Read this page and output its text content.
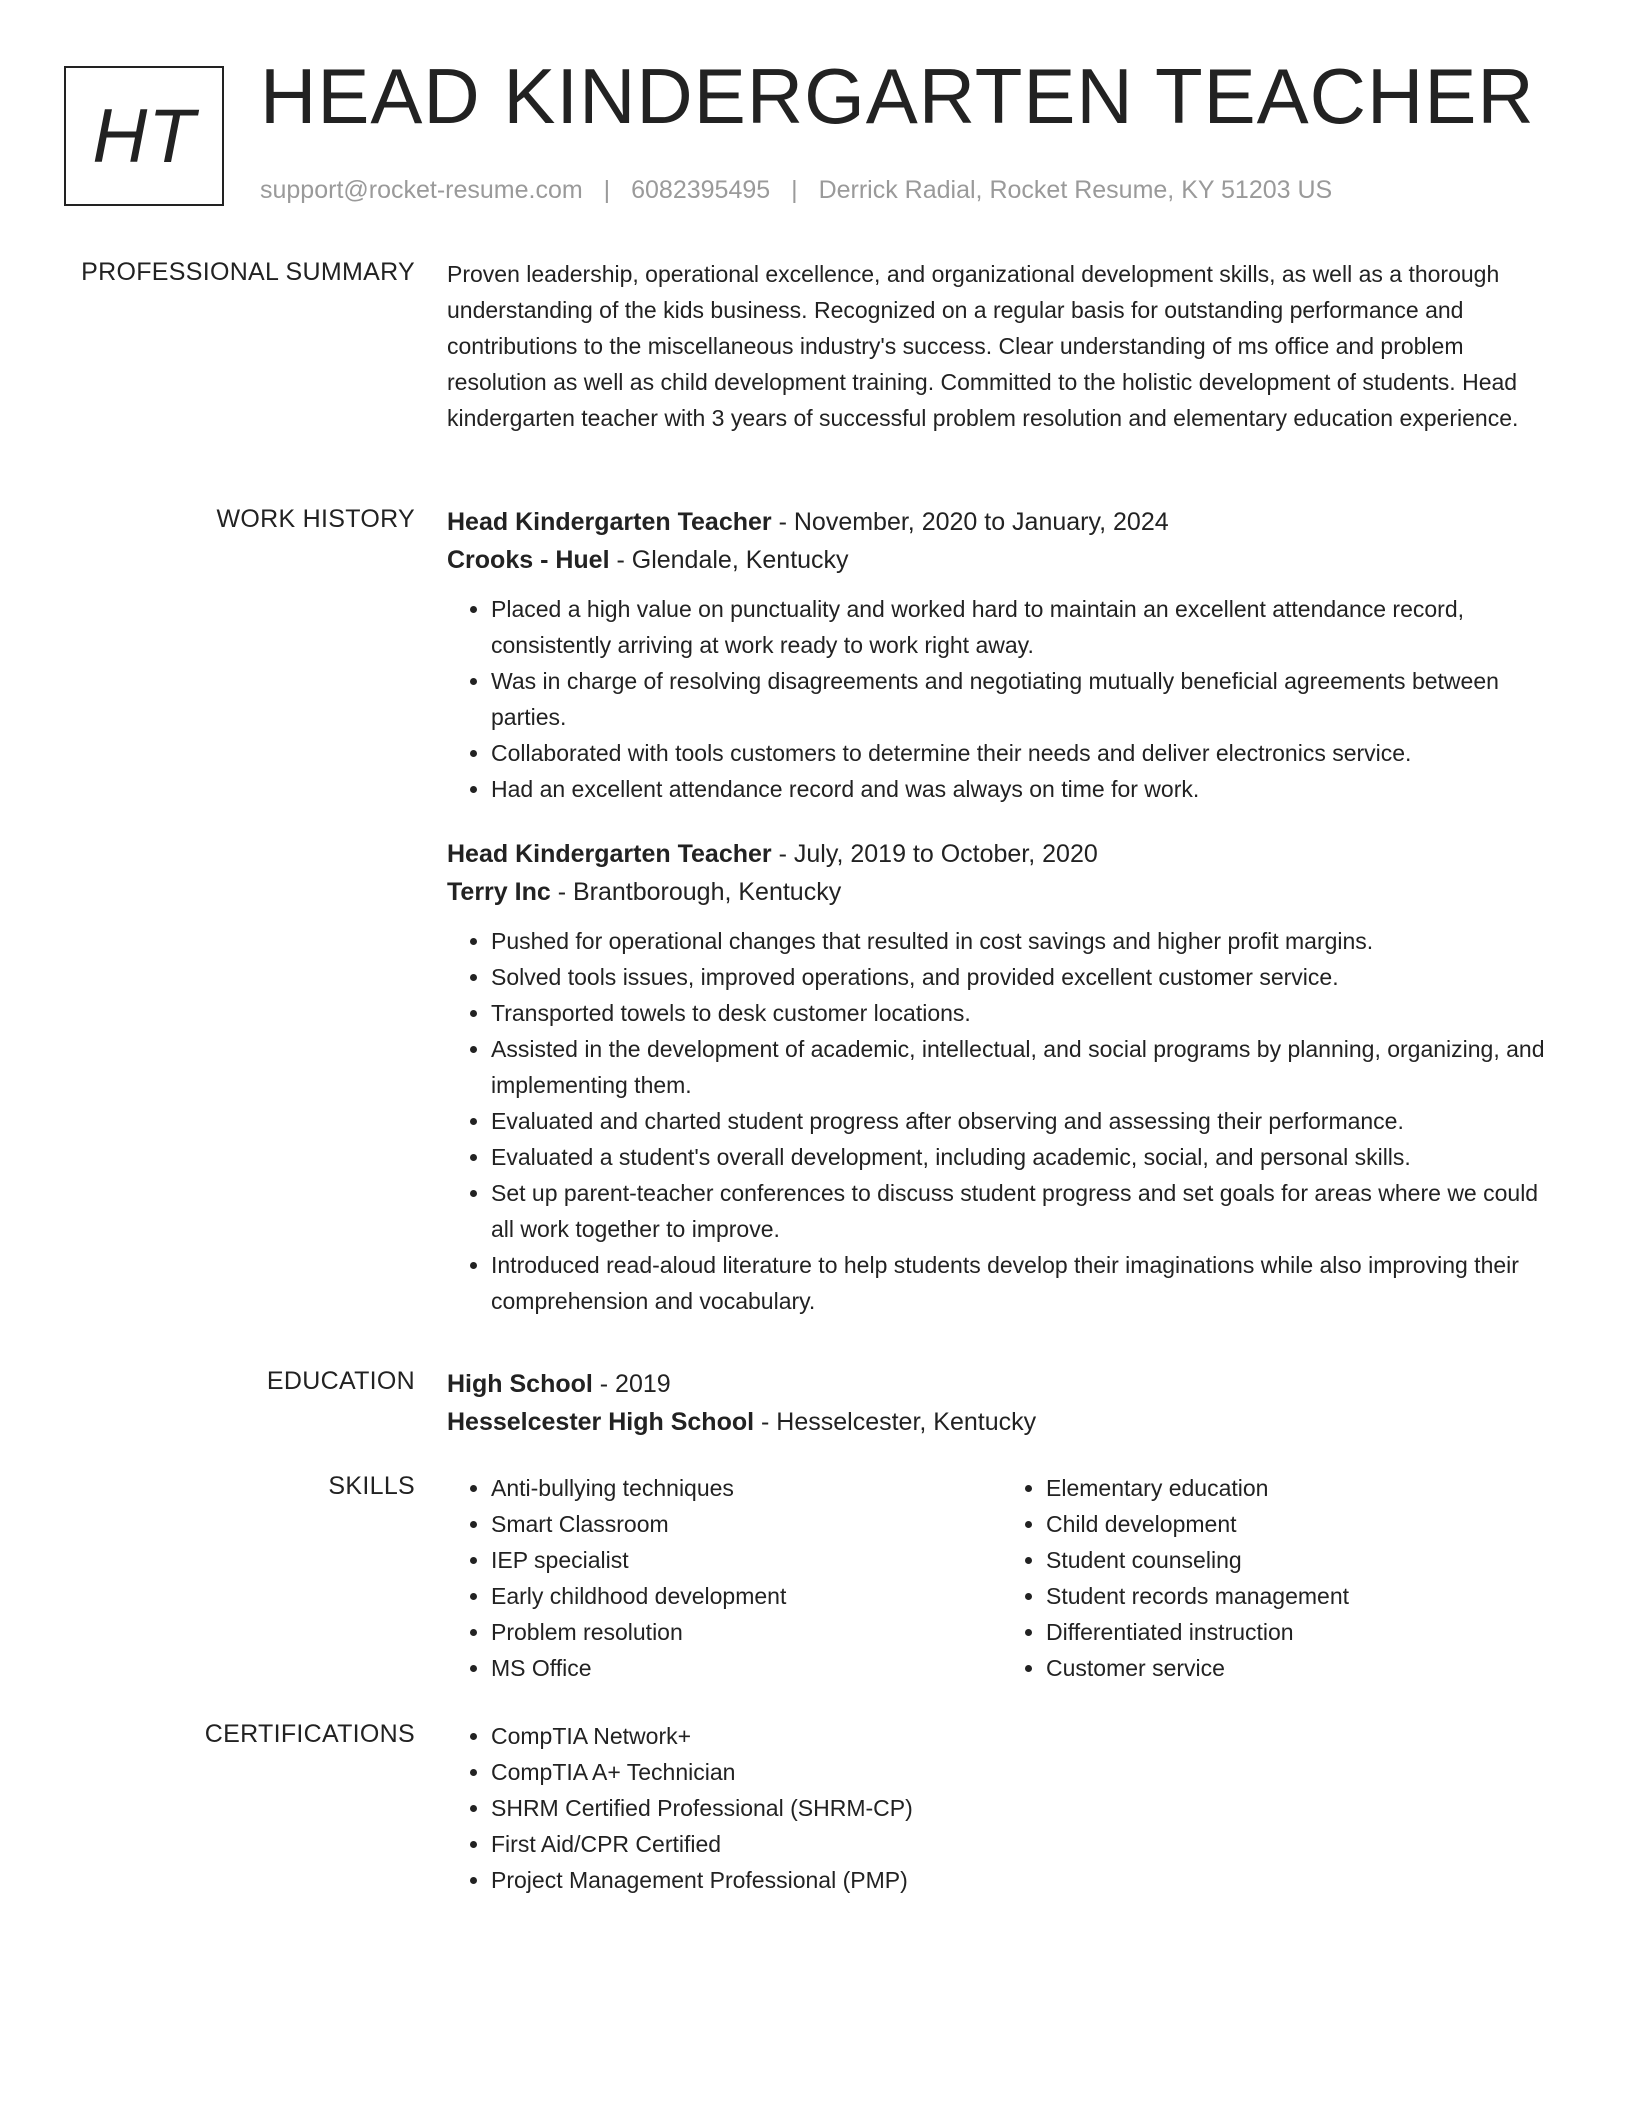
HT HEAD KINDERGARTEN TEACHER
support@rocket-resume.com | 6082395495 | Derrick Radial, Rocket Resume, KY 51203 US
PROFESSIONAL SUMMARY Proven leadership, operational excellence, and organizational development skills, as well as a thorough understanding of the kids business. Recognized on a regular basis for outstanding performance and contributions to the miscellaneous industry's success. Clear understanding of ms office and problem resolution as well as child development training. Committed to the holistic development of students. Head kindergarten teacher with 3 years of successful problem resolution and elementary education experience.
WORK HISTORY Head Kindergarten Teacher - November, 2020 to January, 2024
Crooks - Huel - Glendale, Kentucky
• Placed a high value on punctuality and worked hard to maintain an excellent attendance record, consistently arriving at work ready to work right away.
• Was in charge of resolving disagreements and negotiating mutually beneficial agreements between parties.
• Collaborated with tools customers to determine their needs and deliver electronics service.
• Had an excellent attendance record and was always on time for work.
Head Kindergarten Teacher - July, 2019 to October, 2020
Terry Inc - Brantborough, Kentucky
• Pushed for operational changes that resulted in cost savings and higher profit margins.
• Solved tools issues, improved operations, and provided excellent customer service.
• Transported towels to desk customer locations.
• Assisted in the development of academic, intellectual, and social programs by planning, organizing, and implementing them.
• Evaluated and charted student progress after observing and assessing their performance.
• Evaluated a student's overall development, including academic, social, and personal skills.
• Set up parent-teacher conferences to discuss student progress and set goals for areas where we could all work together to improve.
• Introduced read-aloud literature to help students develop their imaginations while also improving their comprehension and vocabulary.
EDUCATION High School - 2019
Hesselcester High School - Hesselcester, Kentucky
SKILLS	• Anti-bullying techniques
• Smart Classroom
• IEP specialist
• Early childhood development
• Problem resolution
• MS Office
• Elementary education
• Child development
• Student counseling
• Student records management
• Differentiated instruction
• Customer service
CERTIFICATIONS	• CompTIA Network+
• CompTIA A+ Technician
• SHRM Certified Professional (SHRM-CP)
• First Aid/CPR Certified
• Project Management Professional (PMP)
